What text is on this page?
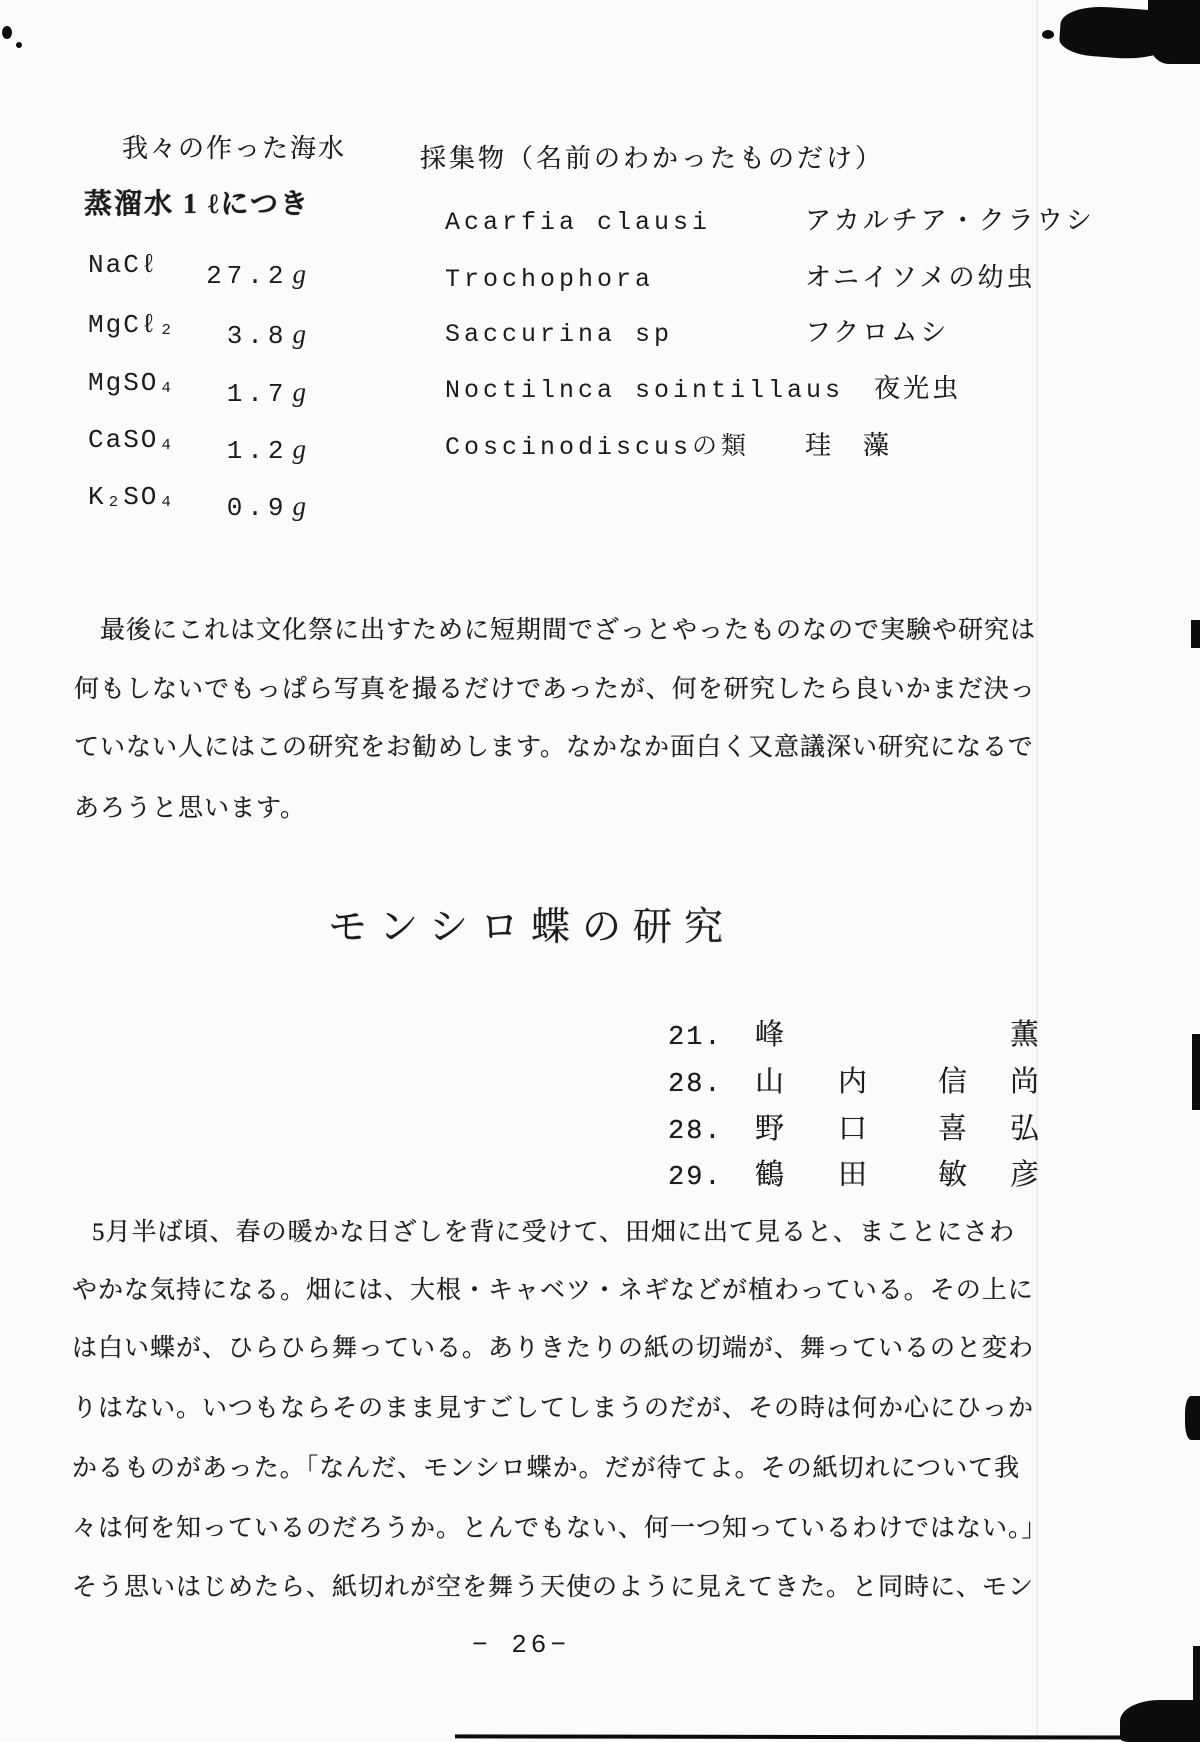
我々の作った海水
蒸溜水 1 ℓにつき
NaCℓ 27.2 g
MgCℓ₂ 3.8 g
MgSO₄ 1.7 g
CaSO₄ 1.2 g
K₂SO₄ 0.9 g
採集物（名前のわかったものだけ）
Acarfia clausi	アカルチア・クラウシ
Trochophora	オニイソメの幼虫
Saccurina sp	フクロムシ
Noctilnca sointillaus 夜光虫
Coscinodiscusの類	珪　藻
最後にこれは文化祭に出すために短期間でざっとやったものなので実験や研究は
何もしないでもっぱら写真を撮るだけであったが、何を研究したら良いかまだ決っ
ていない人にはこの研究をお勧めします。なかなか面白く又意議深い研究になるで
あろうと思います。
モンシロ蝶の研究
21. 峰	薫
28. 山 内 信 尚
28. 野 口 喜 弘
29. 鶴 田 敏 彦
5月半ば頃、春の暖かな日ざしを背に受けて、田畑に出て見ると、まことにさわ
やかな気持になる。畑には、大根・キャベツ・ネギなどが植わっている。その上に
は白い蝶が、ひらひら舞っている。ありきたりの紙の切端が、舞っているのと変わ
りはない。いつもならそのまま見すごしてしまうのだが、その時は何か心にひっか
かるものがあった。「なんだ、モンシロ蝶か。だが待てよ。その紙切れについて我
々は何を知っているのだろうか。とんでもない、何一つ知っているわけではない。」
そう思いはじめたら、紙切れが空を舞う天使のように見えてきた。と同時に、モン
− 26−
